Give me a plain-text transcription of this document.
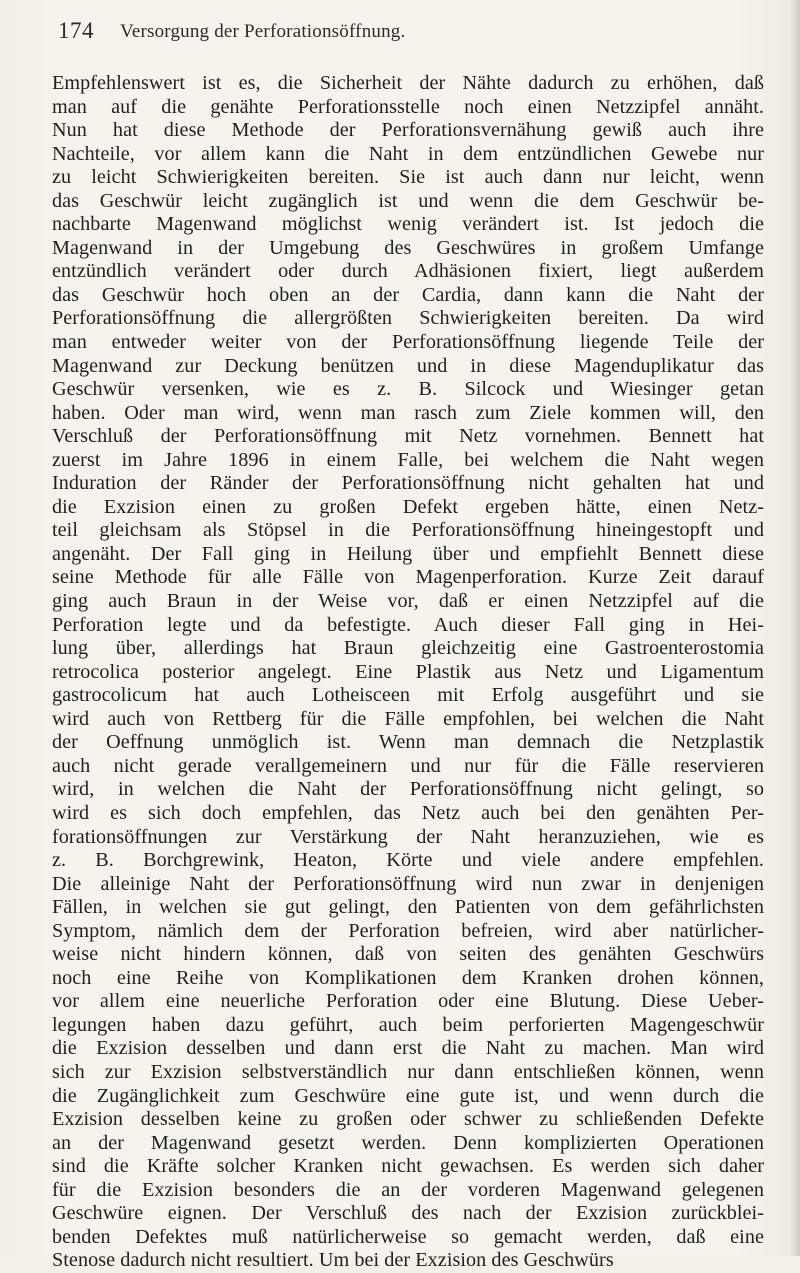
174 Versorgung der Perforationsöffnung.

Empfehlenswert ist es, die Sicherheit der Nähte dadurch zu erhöhen, daß
man auf die genähte Perforationsstelle noch einen Netzzipfel annäht.
Nun hat diese Methode der Perforationsvernähung gewiß auch ihre
Nachteile, vor allem kann die Naht in dem entzündlichen Gewebe nur
zu leicht Schwierigkeiten bereiten. Sie ist auch dann nur leicht, wenn
das Geschwür leicht zugänglich ist und wenn die dem Geschwür be-
nachbarte Magenwand möglichst wenig verändert ist. Ist jedoch die
Magenwand in der Umgebung des Geschwüres in großem Umfange
entzündlich verändert oder durch Adhäsionen fixiert, liegt außerdem
das Geschwür hoch oben an der Cardia, dann kann die Naht der
Perforationsöffnung die allergrößten Schwierigkeiten bereiten. Da wird
man entweder weiter von der Perforationsöffnung liegende Teile der
Magenwand zur Deckung benützen und in diese Magenduplikatur das
Geschwür versenken, wie es z. B. Silcock und Wiesinger getan
haben. Oder man wird, wenn man rasch zum Ziele kommen will, den
Verschluß der Perforationsöffnung mit Netz vornehmen. Bennett hat
zuerst im Jahre 1896 in einem Falle, bei welchem die Naht wegen
Induration der Ränder der Perforationsöffnung nicht gehalten hat und
die Exzision einen zu großen Defekt ergeben hätte, einen Netz-
teil gleichsam als Stöpsel in die Perforationsöffnung hineingestopft und
angenäht. Der Fall ging in Heilung über und empfiehlt Bennett diese
seine Methode für alle Fälle von Magenperforation. Kurze Zeit darauf
ging auch Braun in der Weise vor, daß er einen Netzzipfel auf die
Perforation legte und da befestigte. Auch dieser Fall ging in Hei-
lung über, allerdings hat Braun gleichzeitig eine Gastroenterostomia
retrocolica posterior angelegt. Eine Plastik aus Netz und Ligamentum
gastrocolicum hat auch Lotheisceen mit Erfolg ausgeführt und sie
wird auch von Rettberg für die Fälle empfohlen, bei welchen die Naht
der Oeffnung unmöglich ist. Wenn man demnach die Netzplastik
auch nicht gerade verallgemeinern und nur für die Fälle reservieren
wird, in welchen die Naht der Perforationsöffnung nicht gelingt, so
wird es sich doch empfehlen, das Netz auch bei den genähten Per-
forationsöffnungen zur Verstärkung der Naht heranzuziehen, wie es
z. B. Borchgrewink, Heaton, Körte und viele andere empfehlen.
Die alleinige Naht der Perforationsöffnung wird nun zwar in denjenigen
Fällen, in welchen sie gut gelingt, den Patienten von dem gefährlichsten
Symptom, nämlich dem der Perforation befreien, wird aber natürlicher-
weise nicht hindern können, daß von seiten des genähten Geschwürs
noch eine Reihe von Komplikationen dem Kranken drohen können,
vor allem eine neuerliche Perforation oder eine Blutung. Diese Ueber-
legungen haben dazu geführt, auch beim perforierten Magengeschwür
die Exzision desselben und dann erst die Naht zu machen. Man wird
sich zur Exzision selbstverständlich nur dann entschließen können, wenn
die Zugänglichkeit zum Geschwüre eine gute ist, und wenn durch die
Exzision desselben keine zu großen oder schwer zu schließenden Defekte
an der Magenwand gesetzt werden. Denn komplizierten Operationen
sind die Kräfte solcher Kranken nicht gewachsen. Es werden sich daher
für die Exzision besonders die an der vorderen Magenwand gelegenen
Geschwüre eignen. Der Verschluß des nach der Exzision zurückblei-
benden Defektes muß natürlicherweise so gemacht werden, daß eine
Stenose dadurch nicht resultiert. Um bei der Exzision des Geschwürs
